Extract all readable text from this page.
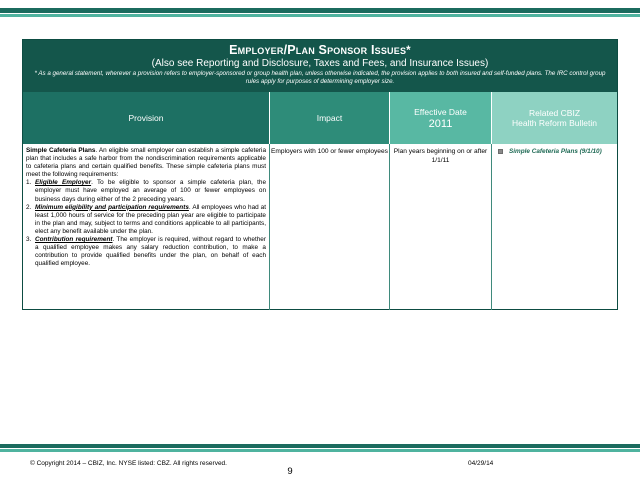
Employer/Plan Sponsor Issues*
(Also see Reporting and Disclosure, Taxes and Fees, and Insurance Issues)
* As a general statement, wherever a provision refers to employer-sponsored or group health plan, unless otherwise indicated, the provision applies to both insured and self-funded plans. The IRC control group rules apply for purposes of determining employer size.
Provision	Impact
Effective Date
2011
Related CBIZ
Health Reform Bulletin
Simple Cafeteria Plans. An eligible small employer can establish a simple cafeteria plan that includes a safe harbor from the nondiscrimination requirements applicable to cafeteria plans and certain qualified benefits. These simple cafeteria plans must meet the following requirements:
1. Eligible Employer. To be eligible to sponsor a simple cafeteria plan, the employer must have employed an average of 100 or fewer employees on business days during either of the 2 preceding years.
2. Minimum eligibility and participation requirements. All employees who had at least 1,000 hours of service for the preceding plan year are eligible to participate in the plan and may, subject to terms and conditions applicable to all participants, elect any benefit available under the plan.
3. Contribution requirement. The employer is required, without regard to whether a qualified employee makes any salary reduction contribution, to make a contribution to provide qualified benefits under the plan, on behalf of each qualified employee.
Employers with 100 or fewer employees Plan years beginning on or after 1/1/11
Simple Cafeteria Plans (9/1/10)
© Copyright 2014 – CBIZ, Inc. NYSE listed: CBZ. All rights reserved.	04/29/14
9
